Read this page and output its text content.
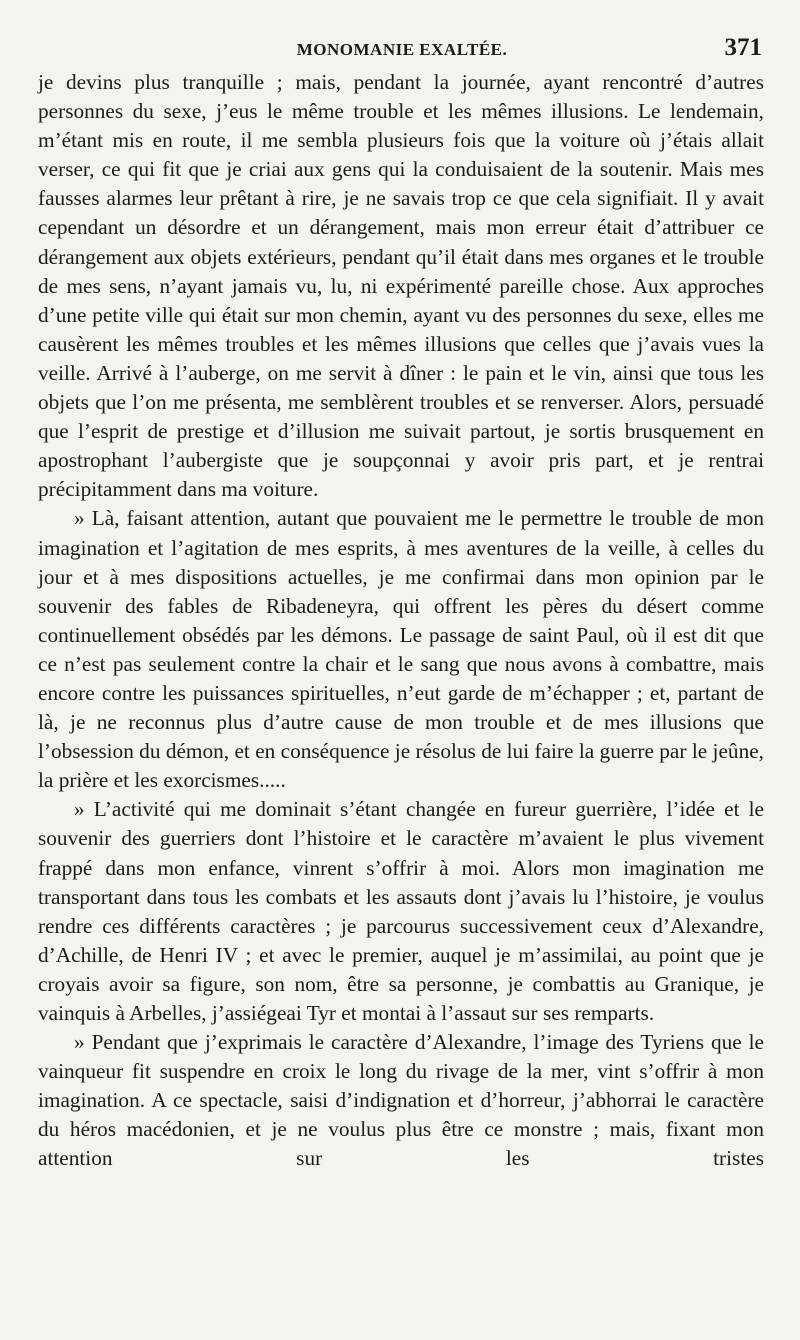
MONOMANIE EXALTÉE.	371

je devins plus tranquille ; mais, pendant la journée, ayant rencontré d’autres personnes du sexe, j’eus le même trouble et les mêmes illusions. Le lendemain, m’étant mis en route, il me sembla plusieurs fois que la voiture où j’étais allait verser, ce qui fit que je criai aux gens qui la conduisaient de la soutenir. Mais mes fausses alarmes leur prêtant à rire, je ne savais trop ce que cela signifiait. Il y avait cependant un désordre et un dérangement, mais mon erreur était d’attribuer ce dérangement aux objets extérieurs, pendant qu’il était dans mes organes et le trouble de mes sens, n’ayant jamais vu, lu, ni expérimenté pareille chose. Aux approches d’une petite ville qui était sur mon chemin, ayant vu des personnes du sexe, elles me causèrent les mêmes troubles et les mêmes illusions que celles que j’avais vues la veille. Arrivé à l’auberge, on me servit à dîner : le pain et le vin, ainsi que tous les objets que l’on me présenta, me semblèrent troubles et se renverser. Alors, persuadé que l’esprit de prestige et d’illusion me suivait partout, je sortis brusquement en apostrophant l’aubergiste que je soupçonnai y avoir pris part, et je rentrai précipitamment dans ma voiture.

» Là, faisant attention, autant que pouvaient me le permettre le trouble de mon imagination et l’agitation de mes esprits, à mes aventures de la veille, à celles du jour et à mes dispositions actuelles, je me confirmai dans mon opinion par le souvenir des fables de Ribadeneyra, qui offrent les pères du désert comme continuellement obsédés par les démons. Le passage de saint Paul, où il est dit que ce n’est pas seulement contre la chair et le sang que nous avons à combattre, mais encore contre les puissances spirituelles, n’eut garde de m’échapper ; et, partant de là, je ne reconnus plus d’autre cause de mon trouble et de mes illusions que l’obsession du démon, et en conséquence je résolus de lui faire la guerre par le jeûne, la prière et les exorcismes.....

» L’activité qui me dominait s’étant changée en fureur guerrière, l’idée et le souvenir des guerriers dont l’histoire et le caractère m’avaient le plus vivement frappé dans mon enfance, vinrent s’offrir à moi. Alors mon imagination me transportant dans tous les combats et les assauts dont j’avais lu l’histoire, je voulus rendre ces différents caractères ; je parcourus successivement ceux d’Alexandre, d’Achille, de Henri IV ; et avec le premier, auquel je m’assimilai, au point que je croyais avoir sa figure, son nom, être sa personne, je combattis au Granique, je vainquis à Arbelles, j’assiégeai Tyr et montai à l’assaut sur ses remparts.

» Pendant que j’exprimais le caractère d’Alexandre, l’image des Tyriens que le vainqueur fit suspendre en croix le long du rivage de la mer, vint s’offrir à mon imagination. A ce spectacle, saisi d’indignation et d’horreur, j’abhorrai le caractère du héros macédonien, et je ne voulus plus être ce monstre ; mais, fixant mon attention sur les tristes
